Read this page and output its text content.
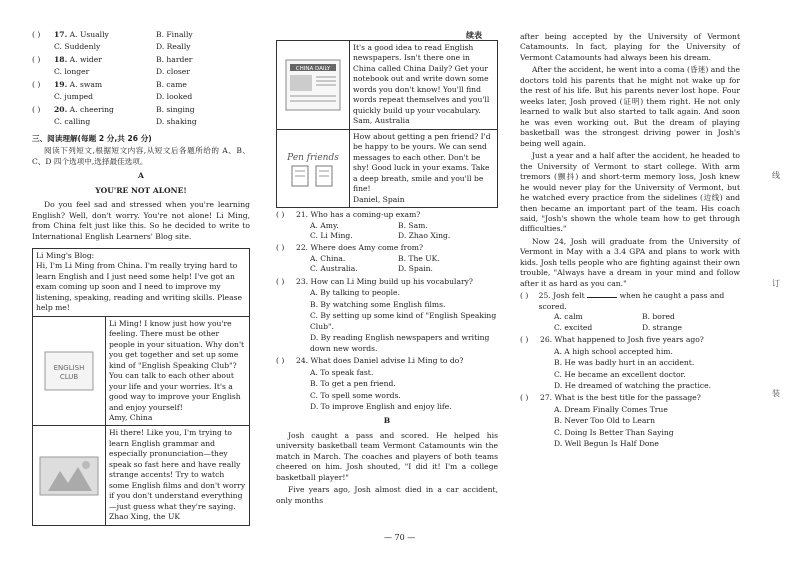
( )	17. A. Usually	B. Finally
C. Suddenly	D. Really
( )	18. A. wider	B. harder
C. longer	D. closer
( )	19. A. swam	B. came
C. jumped	D. looked
( )	20. A. cheering	B. singing
C. calling	D. shaking
三、阅读理解(每题 2 分,共 26 分)

阅读下列短文,根据短文内容,从短文后各题所给的 A、B、C、D 四个选项中,选择最佳选项。

A
YOU'RE NOT ALONE!

Do you feel sad and stressed when you're learning English? Well, don't worry. You're not alone! Li Ming, from China felt just like this. So he decided to write to International English Learners' Blog site.

Li Ming's Blog:
Hi, I'm Li Ming from China. I'm really trying hard to learn English and I just need some help! I've got an exam coming up soon and I need to improve my listening, speaking, reading and writing skills. Please help me!
ENGLISH
CLUB
Li Ming! I know just how you're feeling. There must be other people in your situation. Why don't you get together and set up some kind of "English Speaking Club"? You can talk to each other about your life and your worries. It's a good way to improve your English and enjoy yourself!
Amy, China
Hi there! Like you, I'm trying to learn English grammar and especially pronunciation—they speak so fast here and have really strange accents! Try to watch some English films and don't worry if you don't understand everything—just guess what they're saying.
Zhao Xing, the UK
续表
CHINA DAILY
It's a good idea to read English newspapers. Isn't there one in China called China Daily? Get your notebook out and write down some words you don't know! You'll find words repeat themselves and you'll quickly build up your vocabulary.
Sam, Australia
Pen friends
How about getting a pen friend? I'd be happy to be yours. We can send messages to each other. Don't be shy! Good luck in your exams. Take a deep breath, smile and you'll be fine!
Daniel, Spain
( )	21. Who has a coming-up exam?
A. Amy.	B. Sam.
C. Li Ming.	D. Zhao Xing.
( )	22. Where does Amy come from?
A. China.	B. The UK.
C. Australia.	D. Spain.
( )	23. How can Li Ming build up his vocabulary?
A. By talking to people.
B. By watching some English films.
C. By setting up some kind of "English Speaking Club".
D. By reading English newspapers and writing down new words.
( )	24. What does Daniel advise Li Ming to do?
A. To speak fast.
B. To get a pen friend.
C. To spell some words.
D. To improve English and enjoy life.
B

Josh caught a pass and scored. He helped his university basketball team Vermont Catamounts win the match in March. The coaches and players of both teams cheered on him. Josh shouted, "I did it! I'm a college basketball player!"

Five years ago, Josh almost died in a car accident, only months

after being accepted by the University of Vermont Catamounts. In fact, playing for the University of Vermont Catamounts had always been his dream.

After the accident, he went into a coma (昏迷) and the doctors told his parents that he might not wake up for the rest of his life. But his parents never lost hope. Four weeks later, Josh proved (证明) them right. He not only learned to walk but also started to talk again. And soon he was even working out. But the dream of playing basketball was the strongest driving power in Josh's being well again.

Just a year and a half after the accident, he headed to the University of Vermont to start college. With arm tremors (颤抖) and short-term memory loss, Josh knew he would never play for the University of Vermont, but he watched every practice from the sidelines (边线) and then became an important part of the team. His coach said, "Josh's shown the whole team how to get through difficulties."

Now 24, Josh will graduate from the University of Vermont in May with a 3.4 GPA and plans to work with kids. Josh tells people who are fighting against their own trouble, "Always have a dream in your mind and follow after it as hard as you can."

( )	25. Josh felt	when he caught a pass and scored.
A. calm	B. bored
C. excited	D. strange
( )	26. What happened to Josh five years ago?
A. A high school accepted him.
B. He was badly hurt in an accident.
C. He became an excellent doctor.
D. He dreamed of watching the practice.
( )	27. What is the best title for the passage?
A. Dream Finally Comes True
B. Never Too Old to Learn
C. Doing Is Better Than Saying
D. Well Begun Is Half Done
线
订
装
— 70 —
